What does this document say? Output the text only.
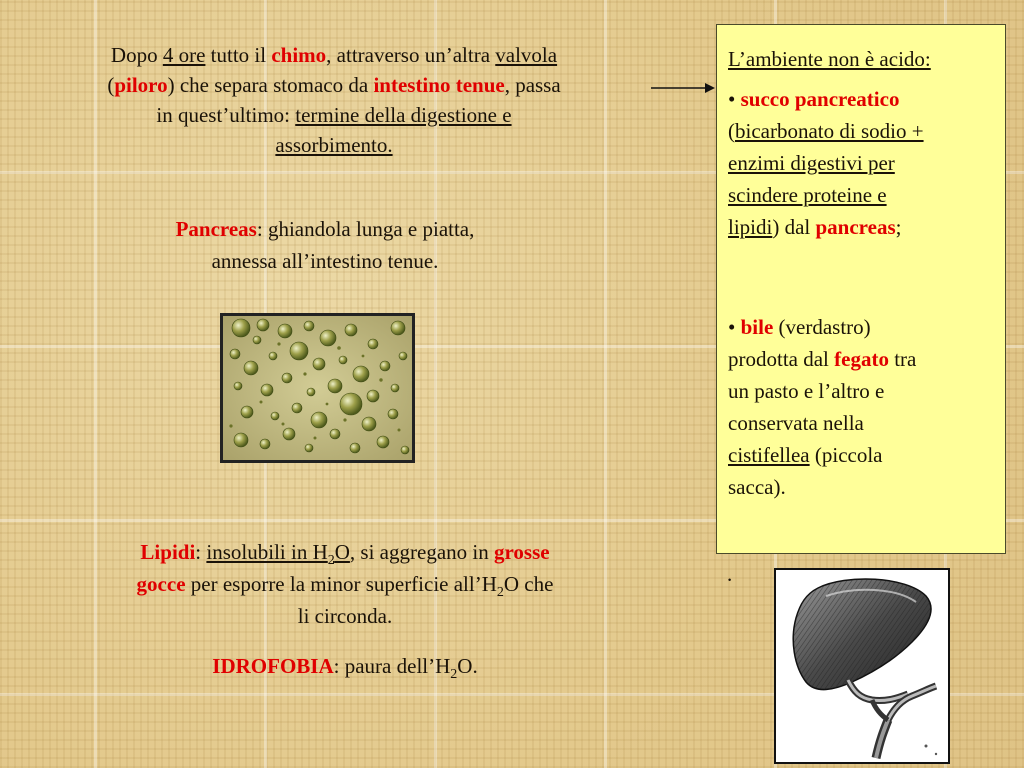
Dopo 4 ore tutto il chimo, attraverso un’altra valvola

(piloro) che separa stomaco da intestino tenue, passa

in quest’ultimo: termine della digestione e

assorbimento.

Pancreas: ghiandola lunga e piatta,

annessa all’intestino tenue.

L’ambiente non è acido:

• succo pancreatico

(bicarbonato di sodio +

enzimi digestivi per

scindere proteine e

lipidi) dal pancreas;

• bile (verdastro)

prodotta dal fegato tra

un pasto e l’altro e

conservata nella

cistifellea (piccola

sacca).

.

Lipidi: insolubili in $H_2O$, si aggregano in grosse

gocce per esporre la minor superficie $all’H_2O$ che

li circonda.

IDROFOBIA: paura $dell’H_2O$.
